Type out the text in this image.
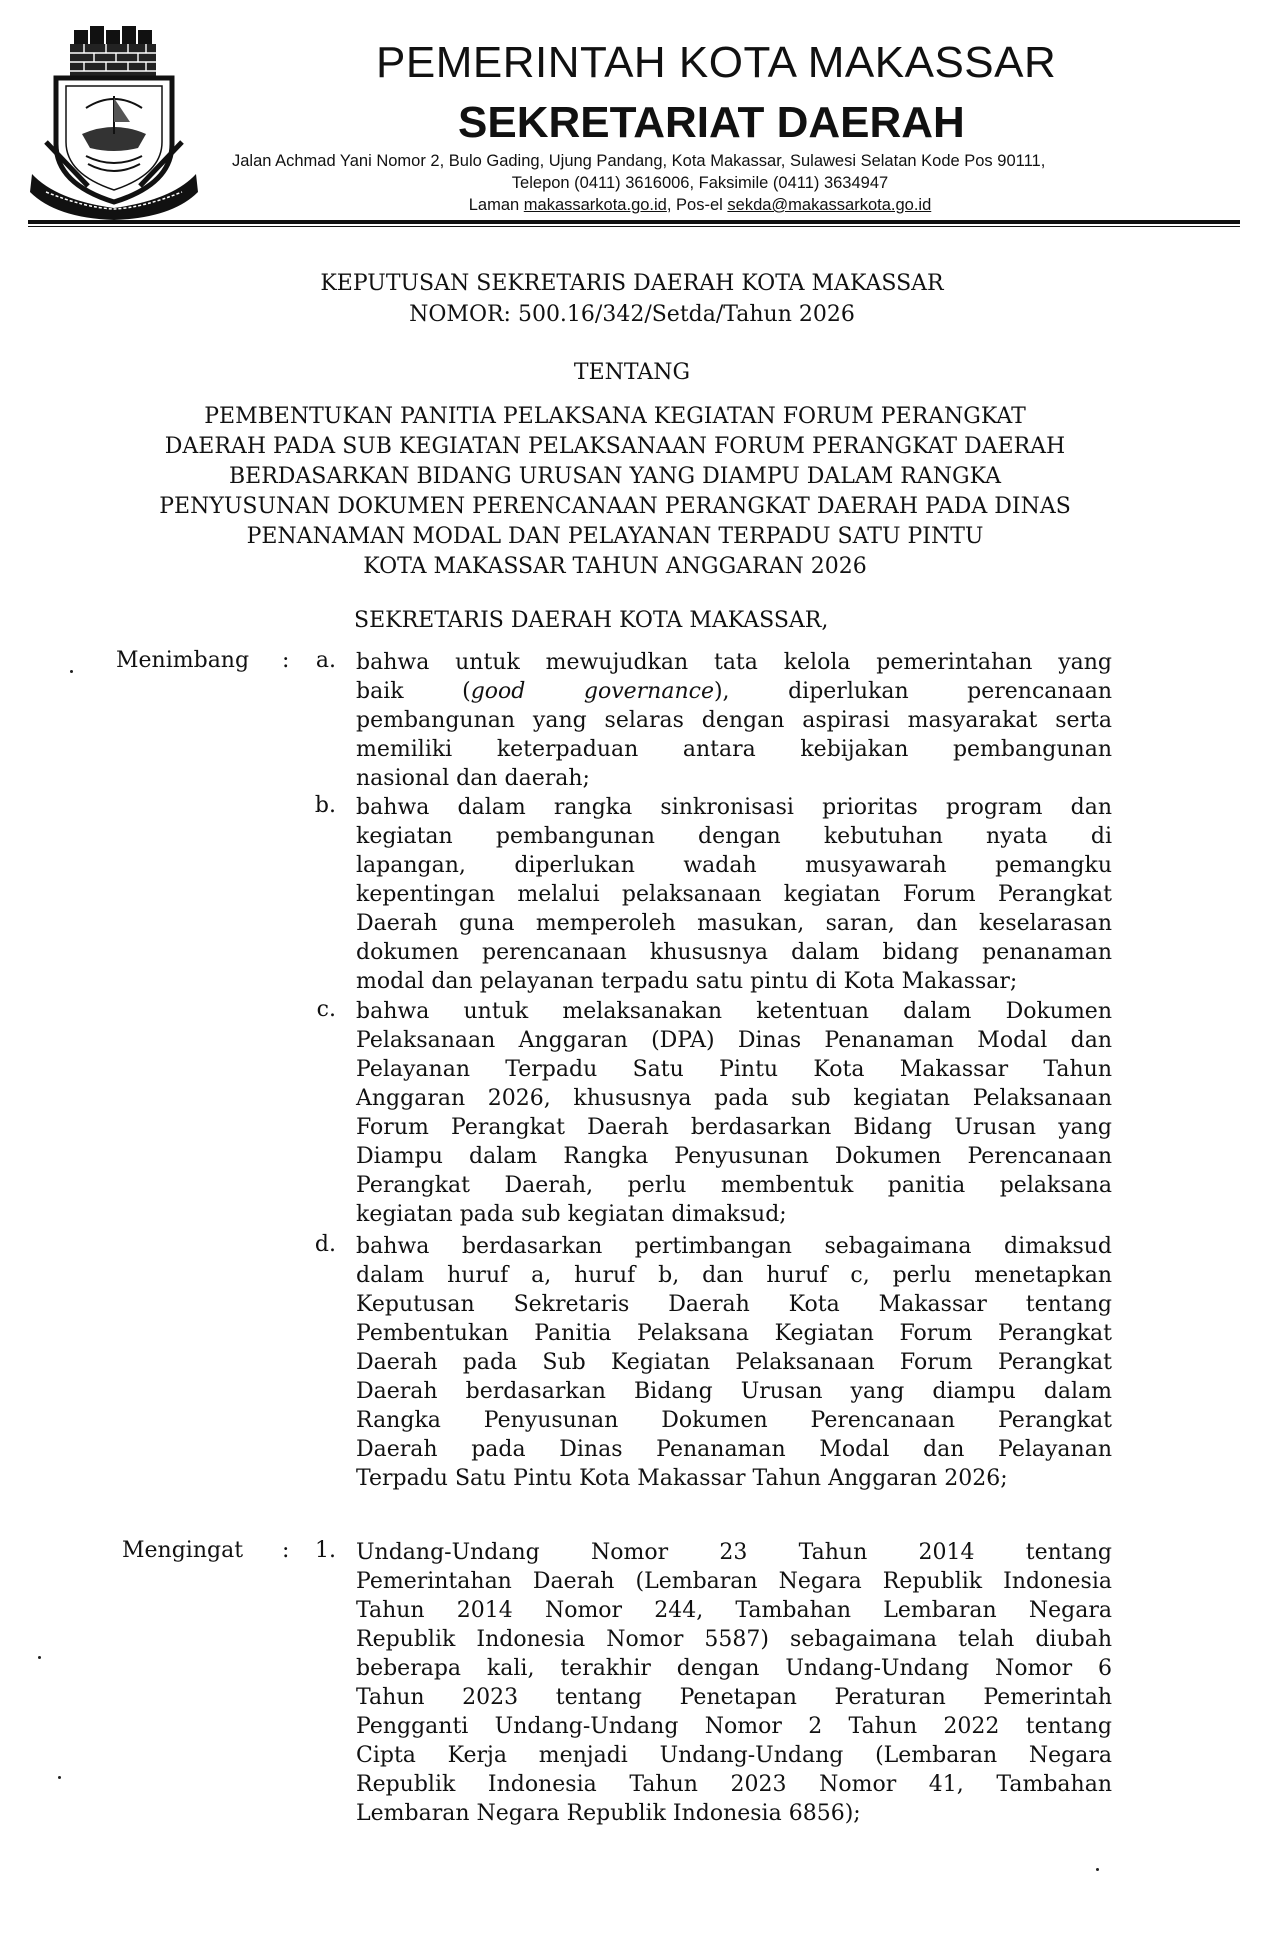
PEMERINTAH KOTA MAKASSAR
SEKRETARIAT DAERAH
Jalan Achmad Yani Nomor 2, Bulo Gading, Ujung Pandang, Kota Makassar, Sulawesi Selatan Kode Pos 90111,
Telepon (0411) 3616006, Faksimile (0411) 3634947
Laman makassarkota.go.id, Pos-el sekda@makassarkota.go.id
KEPUTUSAN SEKRETARIS DAERAH KOTA MAKASSAR
NOMOR: 500.16/342/Setda/Tahun 2026
TENTANG
PEMBENTUKAN PANITIA PELAKSANA KEGIATAN FORUM PERANGKAT
DAERAH PADA SUB KEGIATAN PELAKSANAAN FORUM PERANGKAT DAERAH
BERDASARKAN BIDANG URUSAN YANG DIAMPU DALAM RANGKA
PENYUSUNAN DOKUMEN PERENCANAAN PERANGKAT DAERAH PADA DINAS
PENANAMAN MODAL DAN PELAYANAN TERPADU SATU PINTU
KOTA MAKASSAR TAHUN ANGGARAN 2026
SEKRETARIS DAERAH KOTA MAKASSAR,
Menimbang :	a. bahwa untuk mewujudkan tata kelola pemerintahan yang
baik (good governance), diperlukan perencanaan
pembangunan yang selaras dengan aspirasi masyarakat serta
memiliki keterpaduan antara kebijakan pembangunan
nasional dan daerah;
b. bahwa dalam rangka sinkronisasi prioritas program dan
kegiatan pembangunan dengan kebutuhan nyata di
lapangan, diperlukan wadah musyawarah pemangku
kepentingan melalui pelaksanaan kegiatan Forum Perangkat
Daerah guna memperoleh masukan, saran, dan keselarasan
dokumen perencanaan khususnya dalam bidang penanaman
modal dan pelayanan terpadu satu pintu di Kota Makassar;
c. bahwa untuk melaksanakan ketentuan dalam Dokumen
Pelaksanaan Anggaran (DPA) Dinas Penanaman Modal dan
Pelayanan Terpadu Satu Pintu Kota Makassar Tahun
Anggaran 2026, khususnya pada sub kegiatan Pelaksanaan
Forum Perangkat Daerah berdasarkan Bidang Urusan yang
Diampu dalam Rangka Penyusunan Dokumen Perencanaan
Perangkat Daerah, perlu membentuk panitia pelaksana
kegiatan pada sub kegiatan dimaksud;
d. bahwa berdasarkan pertimbangan sebagaimana dimaksud
dalam huruf a, huruf b, dan huruf c, perlu menetapkan
Keputusan Sekretaris Daerah Kota Makassar tentang
Pembentukan Panitia Pelaksana Kegiatan Forum Perangkat
Daerah pada Sub Kegiatan Pelaksanaan Forum Perangkat
Daerah berdasarkan Bidang Urusan yang diampu dalam
Rangka Penyusunan Dokumen Perencanaan Perangkat
Daerah pada Dinas Penanaman Modal dan Pelayanan
Terpadu Satu Pintu Kota Makassar Tahun Anggaran 2026;
Mengingat :	1. Undang-Undang Nomor 23 Tahun 2014 tentang
Pemerintahan Daerah (Lembaran Negara Republik Indonesia
Tahun 2014 Nomor 244, Tambahan Lembaran Negara
Republik Indonesia Nomor 5587) sebagaimana telah diubah
beberapa kali, terakhir dengan Undang-Undang Nomor 6
Tahun 2023 tentang Penetapan Peraturan Pemerintah
Pengganti Undang-Undang Nomor 2 Tahun 2022 tentang
Cipta Kerja menjadi Undang-Undang (Lembaran Negara
Republik Indonesia Tahun 2023 Nomor 41, Tambahan
Lembaran Negara Republik Indonesia 6856);
